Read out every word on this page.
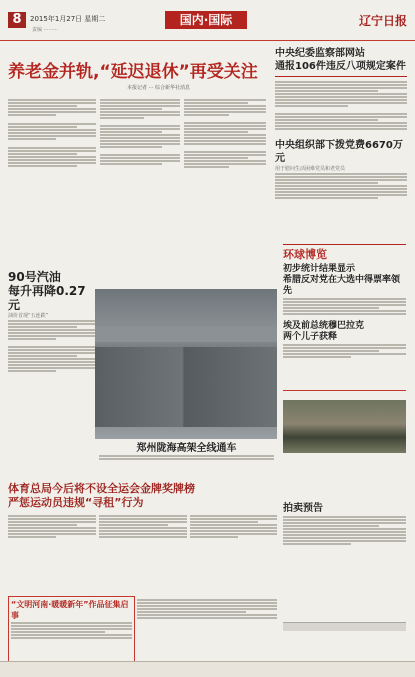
8	2015年1月27日 星期二
责编 ·········
国内·国际	辽宁日报
养老金并轨,“延迟退休”再受关注
本报记者 ··· 综合新华社消息
中央纪委监察部网站
通报106件违反八项规定案件
中央组织部下拨党费6670万元
用于慰问生活困难党员和老党员
环球博览
初步统计结果显示
希腊反对党在大选中得票率领先
埃及前总统穆巴拉克
两个儿子获释
90号汽油
每升再降0.27元
油价首现“五连跌”
郑州陇海高架全线通车
体育总局今后将不设全运会金牌奖牌榜
严惩运动员违规“寻租”行为	拍卖预告
“文明河南·暖暖新年”作品征集启事
